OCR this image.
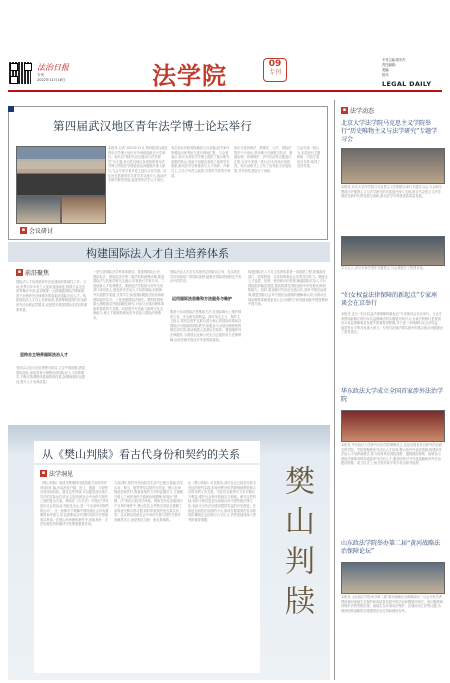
法治日报
专刊
2022年11月16日	法学院	09
专刊
专刊主编:蒋安杰
责任编辑:
美编:
校对:
LEGAL DAILY
第四届武汉地区青年法学博士论坛举行
▪ 会议研讨
本报讯 记者 2022年11月,第四届武汉地区青年法学博士论坛在中南财经政法大学举行。论坛以“新时代法治建设与法学研究”为主题,来自武汉地区各高校的青年法学博士围绕法学理论前沿问题展开深入研讨,与会专家学者对论文进行点评交流。论坛旨在搭建青年学者学术交流平台,推动法学研究繁荣发展,促进青年法学人才成长。
本次论坛共收到投稿论文百余篇,经专家评审遴选出优秀论文进行现场汇报。与会者表示,论坛为青年法学博士提供了展示研究成果的机会,有助于加强各高校之间的学术联系,推动法学学科建设与人才培养。开幕式上,主办方负责人致辞,对青年学者寄予厚望。
论坛分设民商法、刑事法、公法、国际法等多个分论坛,青年博士们就数字经济、数据治理、环境保护、涉外法治等议题进行汇报,点评专家逐一进行点评,现场讨论热烈。论坛闭幕式上公布了优秀论文评选结果,并对获奖者进行了表彰。
与会代表一致认为,本届论坛主题鲜明、内容丰富、形式多样,取得了良好效果。
构建国际法人才自主培养体系
▪ 前沿聚焦
国际法人才培养是涉外法治建设的基础性工作。当前,世界百年未有之大变局加速演进,我国日益走近世界舞台中央,迫切需要一大批精通国际法律规则、善于处理涉外法律事务的高素质国际法治人才。构建国际法人才自主培养体系,是统筹推进国内法治和涉外法治的必然要求,也是提升我国国际话语权的重要举措。
坚持自主培养国际法治人才
坚持以习近平法治思想为指导,立足中国国情,借鉴国际经验,形成具有中国特色的国际法人才培养模式,不断完善课程体系和教材体系,加强师资队伍建设,提升人才培养质量。
一是完善国际法学科体系建设。要加强国际公法、国际私法、国际经济法等二级学科的统筹协调,推进国际法与其他学科交叉融合,培育新兴学科方向。二是创新人才培养模式。要推进法学院校与涉外实务部门协同育人,建设涉外法治人才培养基地,拓展海外实践教学渠道,支持学生参加国际模拟法庭竞赛和国际组织实习。三是加强国际法研究。要围绕国家重大战略需求开展前瞻性研究,为参与全球治理体系改革提供智力支撑。四是提升外语能力和跨文化交流能力,使人才能够熟练运用外语参与国际法律事务。
运用国际法思维和方法服务与维护
国际法治人才应当具备坚定的政治立场、扎实的法学功底和宽广的国际视野,能够在国际规则制定中发出中国声音。
要善于运用国际法思维和方法,在国际舞台上维护国家主权、安全和发展利益。面对单边主义、保护主义抬头,要坚定维护以联合国为核心的国际体系和以国际法为基础的国际秩序,积极参与全球治理规则的制定和完善,推动构建人类命运共同体。要加强涉外法律服务,为我国企业和公民走出去提供有力法律保障,运用法律手段应对外部风险挑战。
构建国际法人才自主培养体系是一项系统工程,需要政府部门、高等院校、实务机构和社会各界共同努力。要健全人才选拔、培养、使用和评价机制,畅通国际法治人才向国际组织输送渠道,提高我国在国际组织中的任职比例和影响力。同时,要加强对外法治交流合作,讲好中国法治故事,增进国际社会对中国法治道路的理解和认同,为推动全球治理体系朝着更加公正合理的方向发展贡献中国智慧和中国方案。
从《樊山判牍》看古代身份和契约的关系
▪ 法学洞见
《樊山判牍》是清末樊增祥任陕西地方官时所作判词的汇编,内容涉及户婚、田土、钱债、斗殴等各类民间纠纷。透过这些判牍,可以窥见清代地方司法的实际运作状况,以及传统社会中身份与契约之间的复杂关系。梅因在《古代法》中提出“所有进步社会的运动,到此处为止,是一个从身份到契约的运动”。这一论断对于理解中国传统社会具有重要的参考意义,但也需要结合中国的具体历史情境加以审视。在樊山所审理的案件中,家族身份、宗法伦理在纠纷解决中发挥着重要作用。
与此同时,契约在民间经济生活中已相当普遍,田宅买卖、典当、借贷等均以契约为凭证。樊山在审理此类案件时,既重视契约文书的证据效力,又兼顾当事人之间的身份关系和伦理情理,体现出“情、理、法”相结合的司法风格。例如在涉及亲族间田产交易的案件中,樊山往往会考察交易是否遵循了亲族优先购买的习惯,同时审查契约是否真实有效。这反映出传统社会中身份关系与契约关系并非截然对立,而是相互交织、相互影响的。
从《樊山判牍》可以看出,清代社会已经存在较为发达的契约实践,但身份秩序依然深刻地塑造着人们的权利义务关系。司法官在裁判中力求平衡各方利益,维护社会秩序的稳定与和谐。研究这些判牍,有助于我们更加全面地认识中国传统法律文化,也能为当代法治建设提供有益的历史借鉴。在推进全面依法治国的今天,如何在尊重契约自由的同时兼顾社会伦理与公平正义,仍然是值得深入思考的重要课题。	樊山判牍
▪ 法学动态
北京大学法学院马克思主义学院举行“历史唯物主义与法学研究”专题学习会
本报讯 北京大学法学院与马克思主义学院联合举行专题学习会,与会师生围绕历史唯物主义与法学研究的关系展开深入交流,探讨马克思主义法学理论在新时代的发展与创新,推动法学学科建设高质量发展。
学习会上,多位专家学者作专题发言,与会者进行了热烈讨论。
“妇女权益法律保障的新起点”专家座谈会在京举行
本报讯 近日,“妇女权益法律保障的新起点”专家座谈会在京举行。与会专家围绕新修订的妇女权益保障法的实施展开研讨,认为该法的修订是我国妇女权益保障事业发展中的重要里程碑,对于进一步保障妇女合法权益、促进男女平等具有重大意义。专家们还就法律实施中的重点难点问题提出了意见建议。
华东政法大学成立全国首家涉外法治学院
本报讯 华东政法大学涉外法治学院揭牌成立,这是全国首家以涉外法治命名的学院。学院将聚焦涉外法治人才培养,整合校内外优质资源,构建涉外法治人才培养新模式,着力培养具有国际视野、通晓国际规则、能够参与国际法律事务的高素质涉外法治人才,服务国家对外开放战略和涉外法治建设需要。成立仪式上,相关领导和专家学者出席并致辞。
山东政法学院举办第二届“黄河战略法治保障论坛”
本报讯 山东政法学院举办第二届“黄河战略法治保障论坛”,与会专家学者围绕黄河流域生态保护和高质量发展中的法治问题展开研讨。论坛聚焦黄河保护法的贯彻实施、流域生态环境司法保护、区域协同立法等议题,为黄河国家战略的实施提供法治支持和理论参考。
